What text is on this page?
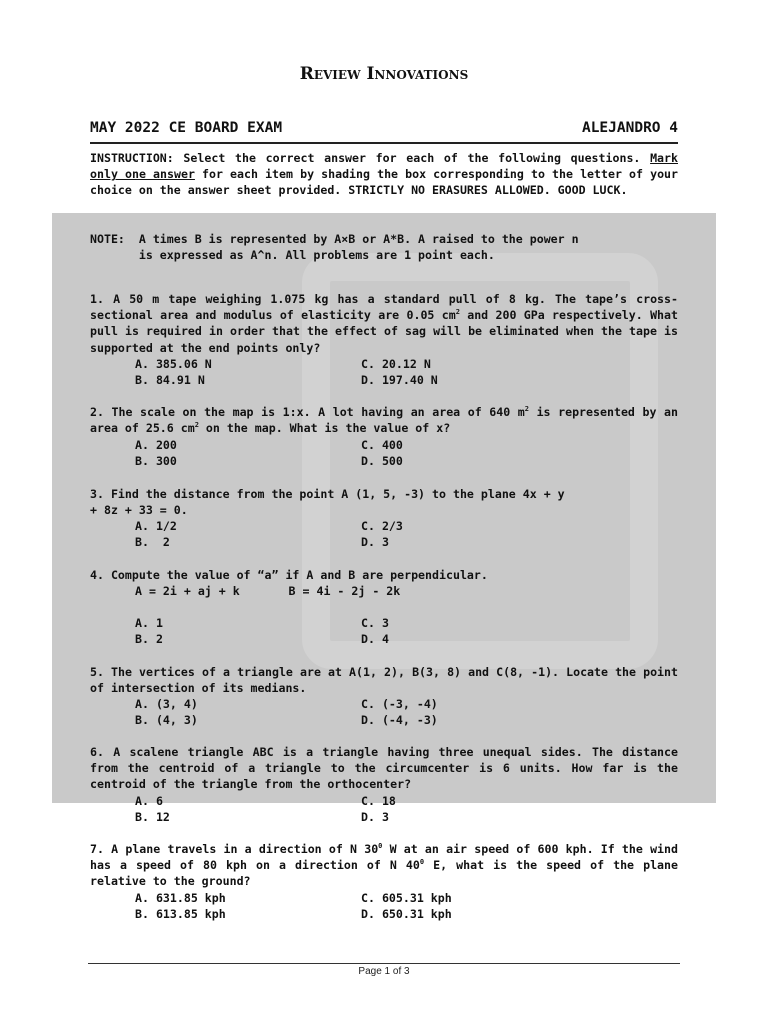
Review Innovations
MAY 2022 CE BOARD EXAM	ALEJANDRO 4
INSTRUCTION: Select the correct answer for each of the following questions. Mark only one answer for each item by shading the box corresponding to the letter of your choice on the answer sheet provided. STRICTLY NO ERASURES ALLOWED. GOOD LUCK.
NOTE:  A times B is represented by A×B or A*B. A raised to the power n
is expressed as A^n. All problems are 1 point each.
1. A 50 m tape weighing 1.075 kg has a standard pull of 8 kg. The tape’s cross-sectional area and modulus of elasticity are 0.05 $cm^2$ and 200 GPa respectively. What pull is required in order that the effect of sag will be eliminated when the tape is supported at the end points only?
A. 385.06 N	C. 20.12 N
B. 84.91 N	D. 197.40 N
2. The scale on the map is 1:x. A lot having an area of 640 $m^2$ is represented by an area of 25.6 $cm^2$ on the map. What is the value of x?
A. 200	C. 400
B. 300	D. 500
3. Find the distance from the point A (1, 5, -3) to the plane 4x + y
+ 8z + 33 = 0.
A. 1/2	C. 2/3
B.  2	D. 3
4. Compute the value of “a” if A and B are perpendicular.
A = 2i + aj + k       B = 4i - 2j - 2k
A. 1	C. 3
B. 2	D. 4
5. The vertices of a triangle are at A(1, 2), B(3, 8) and C(8, -1). Locate the point of intersection of its medians.
A. (3, 4)	C. (-3, -4)
B. (4, 3)	D. (-4, -3)
6. A scalene triangle ABC is a triangle having three unequal sides. The distance from the centroid of a triangle to the circumcenter is 6 units. How far is the centroid of the triangle from the orthocenter?
A. 6	C. 18
B. 12	D. 3
7. A plane travels in a direction of N $30^0$ W at an air speed of 600 kph. If the wind has a speed of 80 kph on a direction of N $40^0$ E, what is the speed of the plane relative to the ground?
A. 631.85 kph	C. 605.31 kph
B. 613.85 kph	D. 650.31 kph
Page 1 of 3
